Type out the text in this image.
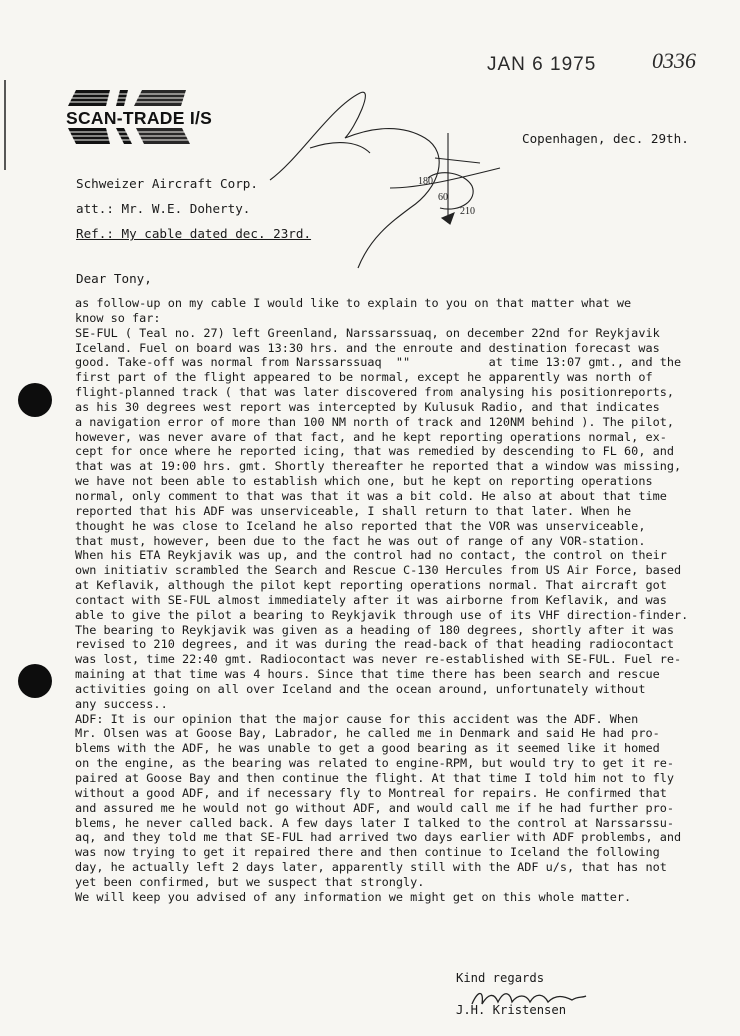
JAN 6 1975	0336
SCAN-TRADE I/S
Copenhagen, dec. 29th.
180
60
210
Schweizer Aircraft Corp.
att.: Mr. W.E. Doherty.
Ref.: My cable dated dec. 23rd.
Dear Tony,
as follow-up on my cable I would like to explain to you on that matter what we
know so far:
SE-FUL ( Teal no. 27) left Greenland, Narssarssuaq, on december 22nd for Reykjavik
Iceland. Fuel on board was 13:30 hrs. and the enroute and destination forecast was
good. Take-off was normal from Narssarssuaq  ""           at time 13:07 gmt., and the
first part of the flight appeared to be normal, except he apparently was north of
flight-planned track ( that was later discovered from analysing his positionreports,
as his 30 degrees west report was intercepted by Kulusuk Radio, and that indicates
a navigation error of more than 100 NM north of track and 120NM behind ). The pilot,
however, was never avare of that fact, and he kept reporting operations normal, ex-
cept for once where he reported icing, that was remedied by descending to FL 60, and
that was at 19:00 hrs. gmt. Shortly thereafter he reported that a window was missing,
we have not been able to establish which one, but he kept on reporting operations
normal, only comment to that was that it was a bit cold. He also at about that time
reported that his ADF was unserviceable, I shall return to that later. When he
thought he was close to Iceland he also reported that the VOR was unserviceable,
that must, however, been due to the fact he was out of range of any VOR-station.
When his ETA Reykjavik was up, and the control had no contact, the control on their
own initiativ scrambled the Search and Rescue C-130 Hercules from US Air Force, based
at Keflavik, although the pilot kept reporting operations normal. That aircraft got
contact with SE-FUL almost immediately after it was airborne from Keflavik, and was
able to give the pilot a bearing to Reykjavik through use of its VHF direction-finder.
The bearing to Reykjavik was given as a heading of 180 degrees, shortly after it was
revised to 210 degrees, and it was during the read-back of that heading radiocontact
was lost, time 22:40 gmt. Radiocontact was never re-established with SE-FUL. Fuel re-
maining at that time was 4 hours. Since that time there has been search and rescue
activities going on all over Iceland and the ocean around, unfortunately without
any success..
ADF: It is our opinion that the major cause for this accident was the ADF. When
Mr. Olsen was at Goose Bay, Labrador, he called me in Denmark and said He had pro-
blems with the ADF, he was unable to get a good bearing as it seemed like it homed
on the engine, as the bearing was related to engine-RPM, but would try to get it re-
paired at Goose Bay and then continue the flight. At that time I told him not to fly
without a good ADF, and if necessary fly to Montreal for repairs. He confirmed that
and assured me he would not go without ADF, and would call me if he had further pro-
blems, he never called back. A few days later I talked to the control at Narssarssu-
aq, and they told me that SE-FUL had arrived two days earlier with ADF problembs, and
was now trying to get it repaired there and then continue to Iceland the following
day, he actually left 2 days later, apparently still with the ADF u/s, that has not
yet been confirmed, but we suspect that strongly.
We will keep you advised of any information we might get on this whole matter.
Kind regards
J.H. Kristensen
